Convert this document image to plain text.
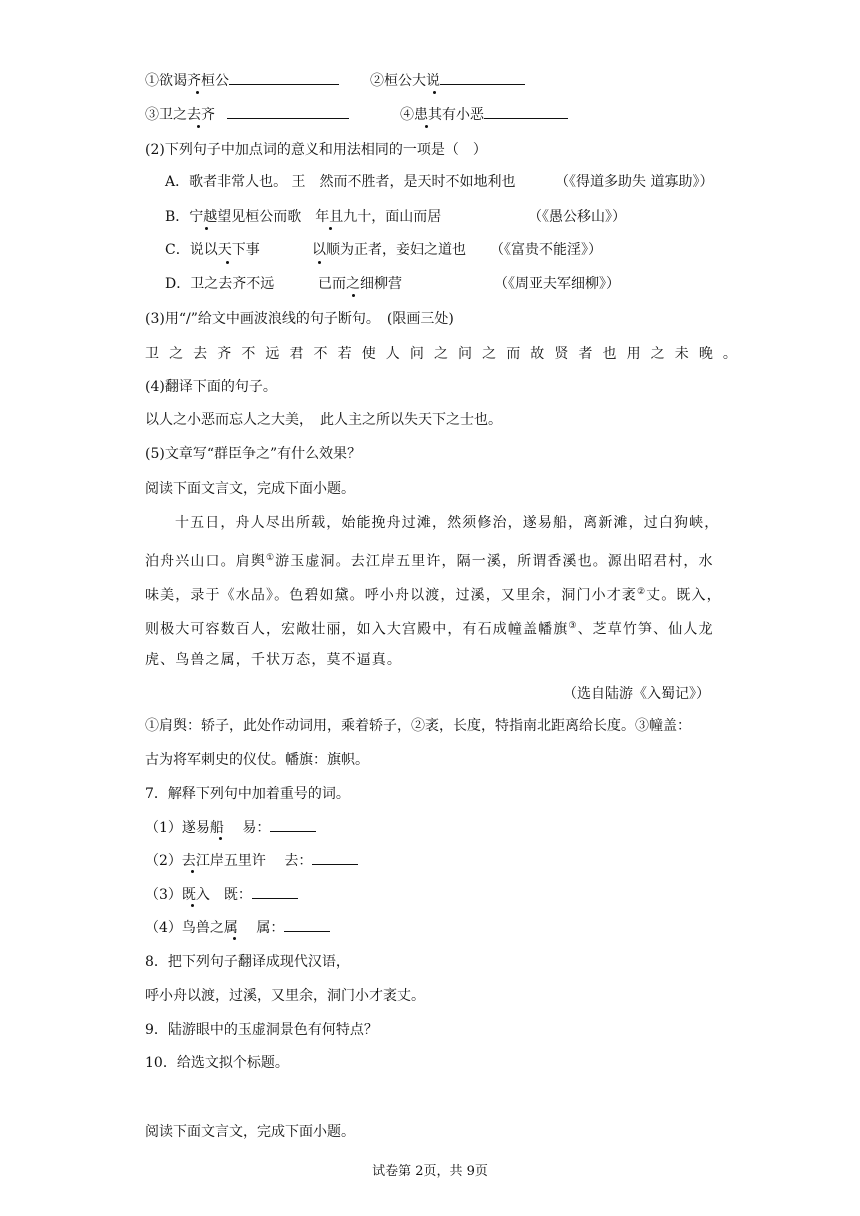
①欲谒齐桓公	②桓公大说
③卫之去齐	④患其有小恶
(2)下列句子中加点词的意义和用法相同的一项是（　）
A．歌者非常人也。 王　然而不胜者，是天时不如地利也	（《得道多助失 道寡助》）
B．宁越望见桓公而歌　年且九十，面山而居	（《愚公移山》）
C．说以天下事	以顺为正者，妾妇之道也 （《富贵不能淫》）
D．卫之去齐不远	已而之细柳营	（《周亚夫军细柳》）
(3)用“/”给文中画波浪线的句子断句。　(限画三处)
卫之去齐不远君不若使人问之问之而故贤者也用之未晚。
(4)翻译下面的句子。
以人之小恶而忘人之大美，　此人主之所以失天下之士也。
(5)文章写“群臣争之”有什么效果？
阅读下面文言文，完成下面小题。
十五日，舟人尽出所载，始能挽舟过滩，然须修治，遂易船，离新滩，过白狗峡，
泊舟兴山口。肩舆①游玉虚洞。去江岸五里许，隔一溪，所谓香溪也。源出昭君村，水
味美，录于《水品》。色碧如黛。呼小舟以渡，过溪，又里余，洞门小才袤②丈。既入，
则极大可容数百人，宏敞壮丽，如入大宫殿中，有石成幢盖幡旗③、芝草竹笋、仙人龙
虎、鸟兽之属，千状万态，莫不逼真。
（选自陆游《入蜀记》）
①肩舆：轿子，此处作动词用，乘着轿子，②袤，长度，特指南北距离给长度。③幢盖：
古为将军刺史的仪仗。幡旗：旗帜。
7．解释下列句中加着重号的词。
（1）遂易船　 易：
（2）去江岸五里许　 去：
（3）既入　既：
（4）鸟兽之属　 属：
8．把下列句子翻译成现代汉语，
呼小舟以渡，过溪，又里余，洞门小才袤丈。
9．陆游眼中的玉虚洞景色有何特点？
10．给选文拟个标题。
阅读下面文言文，完成下面小题。
试卷第 2页，共 9页
